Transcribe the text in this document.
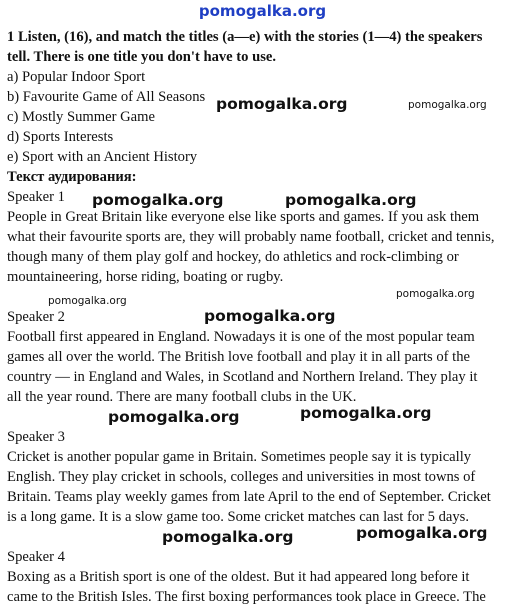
pomogalka.org
1 Listen, (16), and match the titles (a—e) with the stories (1—4) the speakers
tell. There is one title you don't have to use.
a) Popular Indoor Sport
b) Favourite Game of All Seasons
c) Mostly Summer Game
d) Sports Interests
e) Sport with an Ancient History
Текст аудирования:
Speaker 1
People in Great Britain like everyone else like sports and games. If you ask them
what their favourite sports are, they will probably name football, cricket and tennis,
though many of them play golf and hockey, do athletics and rock-climbing or
mountaineering, horse riding, boating or rugby.
Speaker 2
Football first appeared in England. Nowadays it is one of the most popular team
games all over the world. The British love football and play it in all parts of the
country — in England and Wales, in Scotland and Northern Ireland. They play it
all the year round. There are many football clubs in the UK.
Speaker 3
Cricket is another popular game in Britain. Sometimes people say it is typically
English. They play cricket in schools, colleges and universities in most towns of
Britain. Teams play weekly games from late April to the end of September. Cricket
is a long game. It is a slow game too. Some cricket matches can last for 5 days.
Speaker 4
Boxing as a British sport is one of the oldest. But it had appeared long before it
came to the British Isles. The first boxing performances took place in Greece. The
pomogalka.org	pomogalka.org
pomogalka.org	pomogalka.org
pomogalka.org
pomogalka.org
pomogalka.org
pomogalka.org	pomogalka.org
pomogalka.org	pomogalka.org
